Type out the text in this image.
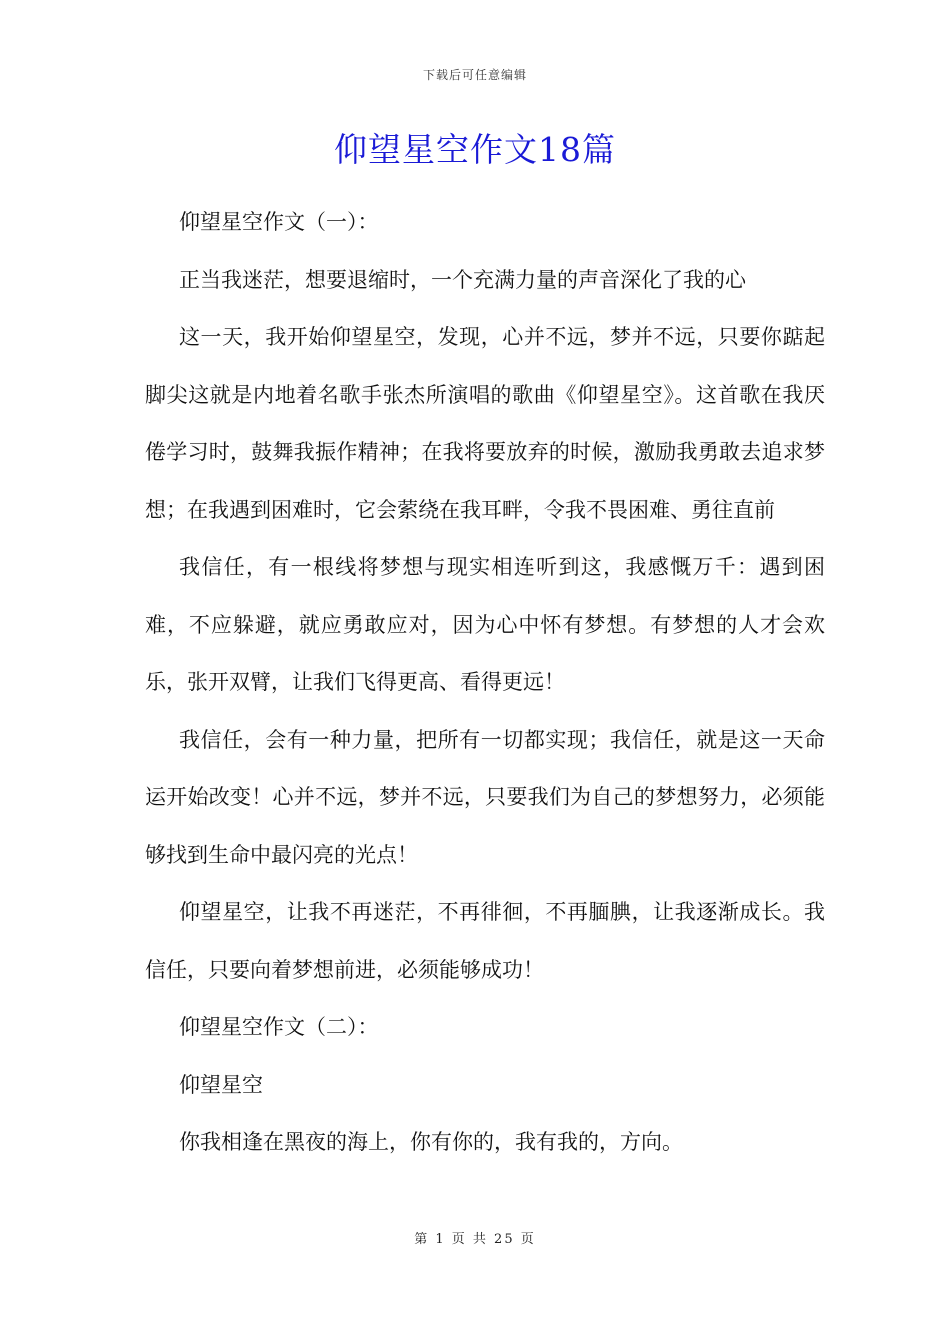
下载后可任意编辑
仰望星空作文18篇

仰望星空作文（一）：

正当我迷茫，想要退缩时，一个充满力量的声音深化了我的心

这一天，我开始仰望星空，发现，心并不远，梦并不远，只要你踮起脚尖这就是内地着名歌手张杰所演唱的歌曲《仰望星空》。这首歌在我厌倦学习时，鼓舞我振作精神；在我将要放弃的时候，激励我勇敢去追求梦想；在我遇到困难时，它会萦绕在我耳畔，令我不畏困难、勇往直前

我信任，有一根线将梦想与现实相连听到这，我感慨万千：遇到困难，不应躲避，就应勇敢应对，因为心中怀有梦想。有梦想的人才会欢乐，张开双臂，让我们飞得更高、看得更远！

我信任，会有一种力量，把所有一切都实现；我信任，就是这一天命运开始改变！心并不远，梦并不远，只要我们为自己的梦想努力，必须能够找到生命中最闪亮的光点！

仰望星空，让我不再迷茫，不再徘徊，不再腼腆，让我逐渐成长。我信任，只要向着梦想前进，必须能够成功！

仰望星空作文（二）：

仰望星空

你我相逢在黑夜的海上，你有你的，我有我的，方向。

第 1 页 共 25 页
